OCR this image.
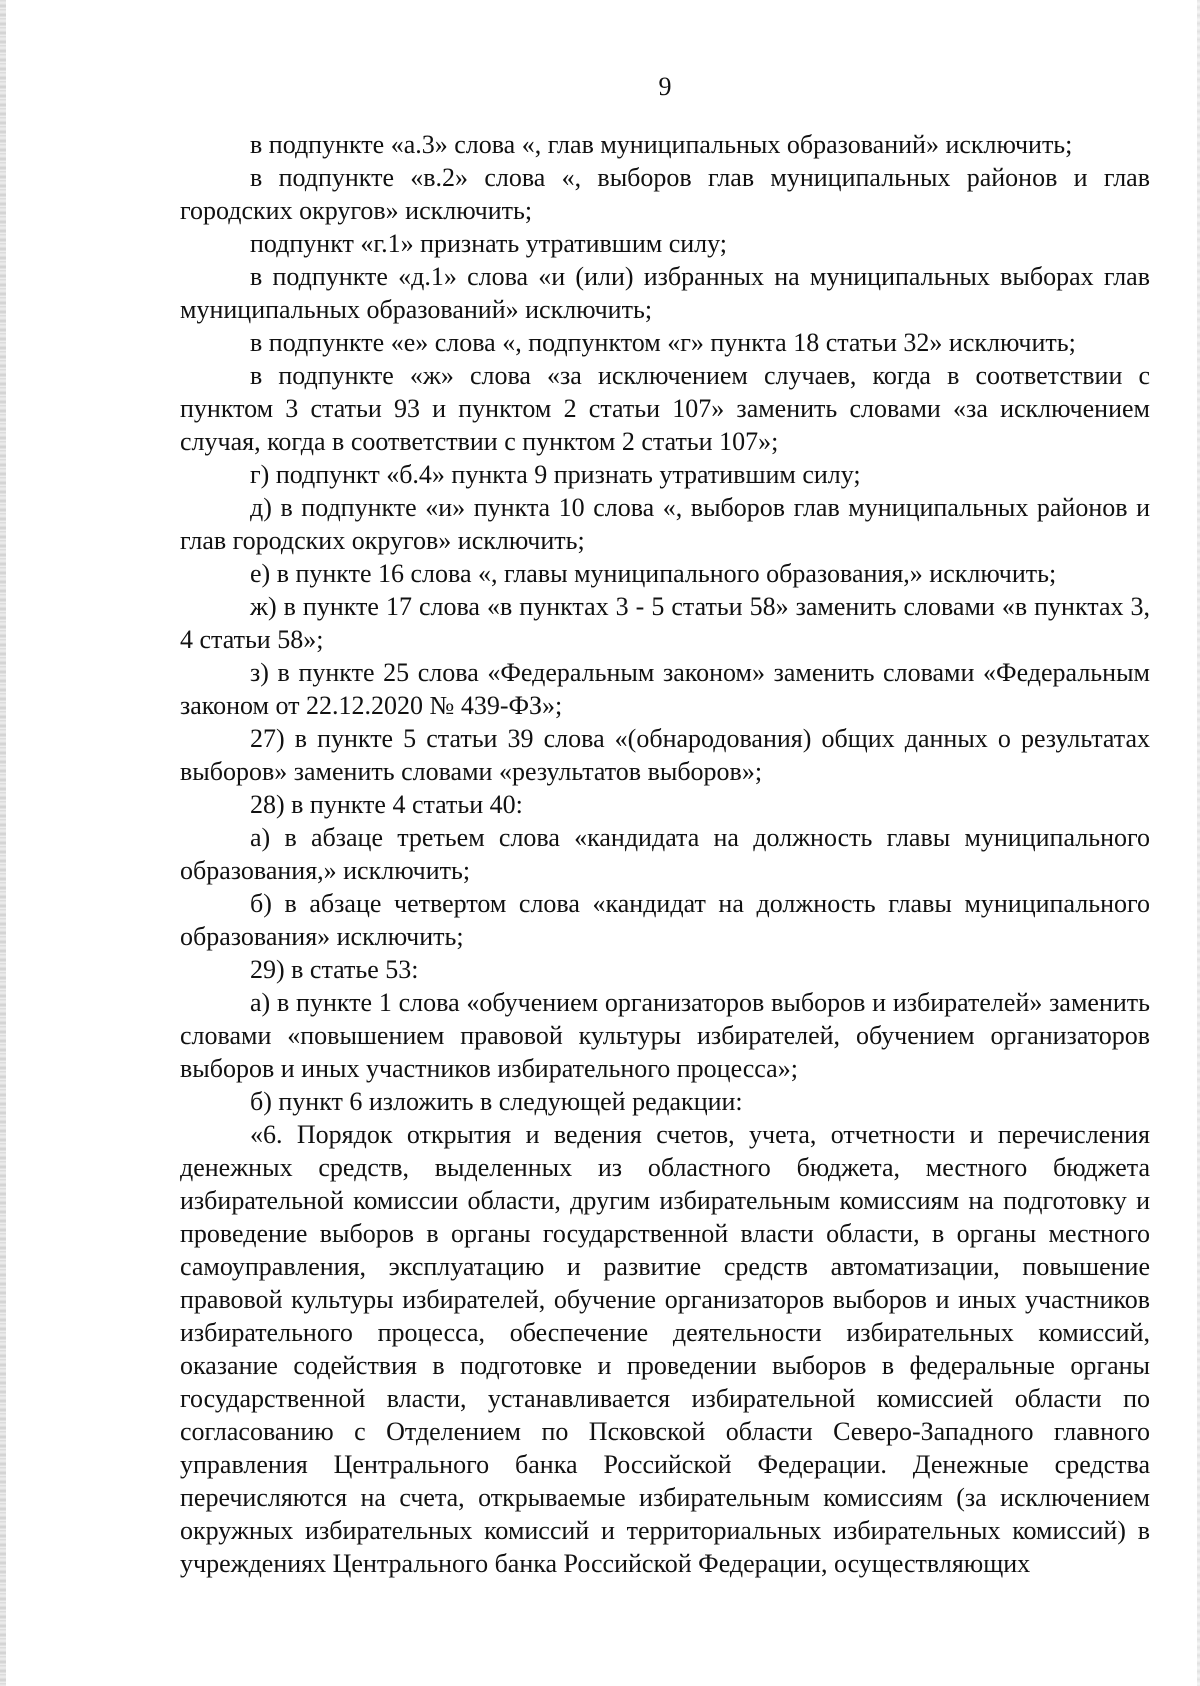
9

в подпункте «а.3» слова «, глав муниципальных образований» исключить;

в подпункте «в.2» слова «, выборов глав муниципальных районов и глав городских округов» исключить;

подпункт «г.1» признать утратившим силу;

в подпункте «д.1» слова «и (или) избранных на муниципальных выборах глав муниципальных образований» исключить;

в подпункте «е» слова «, подпунктом «г» пункта 18 статьи 32» исключить;

в подпункте «ж» слова «за исключением случаев, когда в соответствии с пунктом 3 статьи 93 и пунктом 2 статьи 107» заменить словами «за исключением случая, когда в соответствии с пунктом 2 статьи 107»;

г) подпункт «б.4» пункта 9 признать утратившим силу;

д) в подпункте «и» пункта 10 слова «, выборов глав муниципальных районов и глав городских округов» исключить;

е) в пункте 16 слова «, главы муниципального образования,» исключить;

ж) в пункте 17 слова «в пунктах 3 - 5 статьи 58» заменить словами «в пунктах 3, 4 статьи 58»;

з) в пункте 25 слова «Федеральным законом» заменить словами «Федеральным законом от 22.12.2020 № 439-ФЗ»;

27) в пункте 5 статьи 39 слова «(обнародования) общих данных о результатах выборов» заменить словами «результатов выборов»;

28) в пункте 4 статьи 40:

а) в абзаце третьем слова «кандидата на должность главы муниципального образования,» исключить;

б) в абзаце четвертом слова «кандидат на должность главы муниципального образования» исключить;

29) в статье 53:

а) в пункте 1 слова «обучением организаторов выборов и избирателей» заменить словами «повышением правовой культуры избирателей, обучением организаторов выборов и иных участников избирательного процесса»;

б) пункт 6 изложить в следующей редакции:

«6. Порядок открытия и ведения счетов, учета, отчетности и перечисления денежных средств, выделенных из областного бюджета, местного бюджета избирательной комиссии области, другим избирательным комиссиям на подготовку и проведение выборов в органы государственной власти области, в органы местного самоуправления, эксплуатацию и развитие средств автоматизации, повышение правовой культуры избирателей, обучение организаторов выборов и иных участников избирательного процесса, обеспечение деятельности избирательных комиссий, оказание содействия в подготовке и проведении выборов в федеральные органы государственной власти, устанавливается избирательной комиссией области по согласованию с Отделением по Псковской области Северо-Западного главного управления Центрального банка Российской Федерации. Денежные средства перечисляются на счета, открываемые избирательным комиссиям (за исключением окружных избирательных комиссий и территориальных избирательных комиссий) в учреждениях Центрального банка Российской Федерации, осуществляющих
